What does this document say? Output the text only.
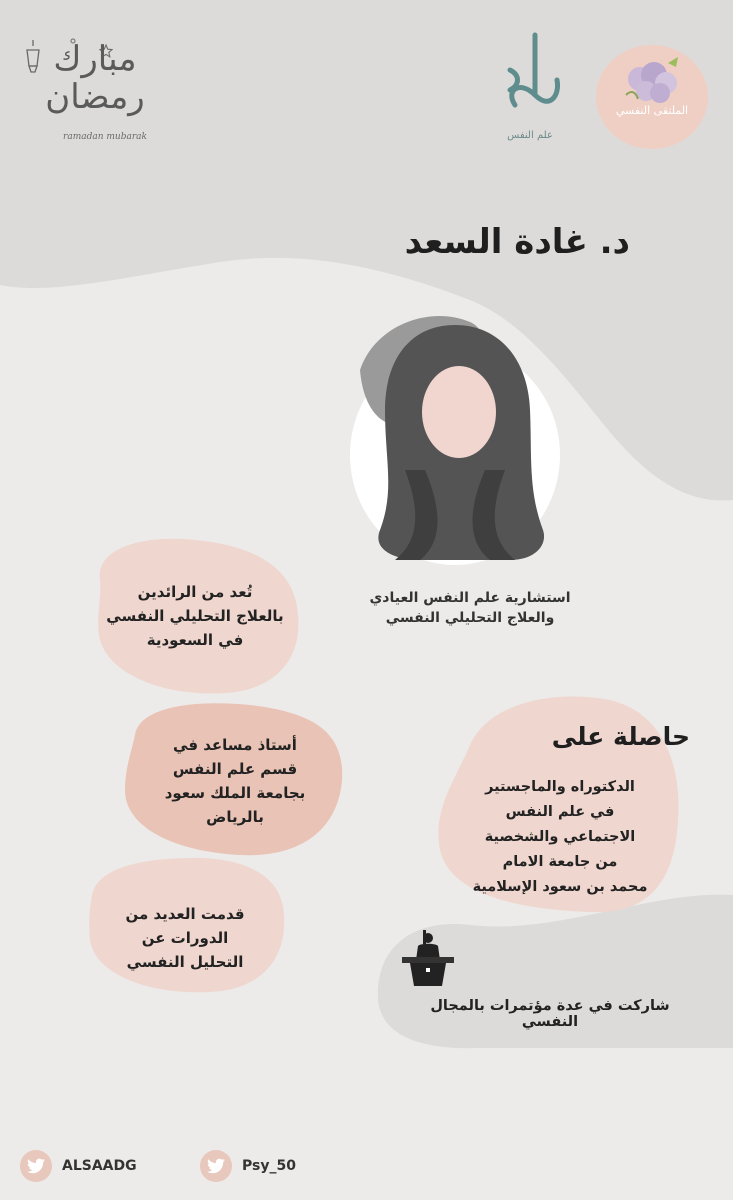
الملتقى النفسي
علم النفس
مبارك رمضان
ramadan mubarak
د. غادة السعد
استشارية علم النفس العيادي
والعلاج التحليلي النفسي
تُعد من الرائدين
بالعلاج التحليلي النفسي
في السعودية
أستاذ مساعد في
قسم علم النفس
بجامعة الملك سعود
بالرياض
قدمت العديد من
الدورات عن
التحليل النفسي
حاصلة على
الدكتوراه والماجستير
في علم النفس
الاجتماعي والشخصية
من جامعة الامام
محمد بن سعود الإسلامية
شاركت في عدة مؤتمرات بالمجال النفسي
Psy_50
ALSAADG
